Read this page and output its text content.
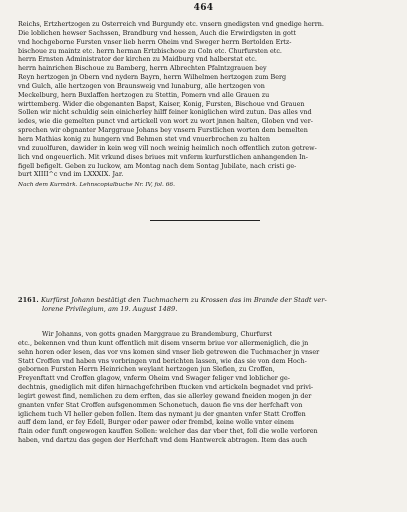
464
Reichs, Ertzhertzogen zu Osterreich vnd Burgundy etc. vnsern gnedigsten vnd gnedige herrn.
Die loblichen hewser Sachssen, Brandburg vnd hessen, Auch die Erwirdigsten in gott
vnd hochgeborne Fursten vnser lieb herrn Oheim vnd Sweger herrn Bertolden Ertz-
bischoue zu maintz etc. herrn herman Ertzbischoue zu Coln etc. Churfursten etc.
herrn Ernsten Administrator der kirchen zu Maidburg vnd halberstat etc.
herrn hainrichen Bischoue zu Bamberg, herrn Albrechten Pfalntzgrauen bey
Reyn hertzogen jn Obern vnd nydern Bayrn, herrn Wilhelmen hertzogen zum Berg
vnd Gulch, alle hertzogen von Braunsweig vnd lunaburg, alle hertzogen von
Meckelburg, hern Buxlaffen hertzogen zu Stettin, Pomern vnd alle Grauen zu
wirttemberg. Wider die obgenanten Bapst, Kaiser, Konig, Fursten, Bischoue vnd Grauen
Sollen wir nicht schuldig sein einicherley hilff feiner koniglichen wird zutun. Das alles vnd
iedes, wie die gemelten punct vnd artickell von wort zu wort jnnen halten, Globen vnd ver-
sprechen wir obgnanter Marggraue Johans bey vnsern Furstlichen worten dem bemelten
hern Mathias konig zu hungern vnd Behmen stet vnd vnuerbrochen zu halten
vnd zuuolfuren, dawider in kein weg vill noch weinig heimlich noch offentlich zuton getrew-
lich vnd ongeuerlich. Mit vrkund dises briues mit vnferm kurfurstlichen anhangenden In-
figell befigelt. Geben zu luckow, am Montag nach dem Sontag Jubilate, nach cristi ge-
burt XIIII^c vnd im LXXXIX. Jar.
Nach dem Kurmärk. Lehnscopialbuche Nr. IV, fol. 66.
2161. Kurfürst Johann bestätigt den Tuchmachern zu Krossen das im Brande der Stadt ver-
lorene Privilegium, am 19. August 1489.
Wir Johanns, von gotts gnaden Marggraue zu Brandemburg, Churfurst
etc., bekennen vnd thun kunt offentlich mit disem vnserm briue vor allermeniglich, die jn
sehn horen oder lesen, das vor vns komen sind vnser lieb getrewen die Tuchmacher jn vnser
Statt Croffen vnd haben vns vorbringen vnd berichten lassen, wie das sie von dem Hoch-
gebornen Fursten Herrn Heinrichen weylant hertzogen jun Slefien, zu Croffen,
Freyenftatt vnd Croffen glagow, vnferm Oheim vnd Swager feliger vnd loblicher ge-
dechtnis, gnediglich mit difen hirnachgefchriben ftucken vnd artickeln begnadet vnd privi-
legirt gewest find, nemlichen zu dem erften, das sie allerley gewand fneiden mogen jn der
gnanten vnfer Stat Croffen aufsgenommen Schonetuch, dauon fie vns der herfchaft von
iglichem tuch VI heller geben follen. Item das nymant ju der gnanten vnfer Statt Croffen
auff dem land, er fey Edell, Burger oder pawer oder frembd, keine wolle vnter einem
ftain oder funft ongewogen kauffen Sollen: welcher das dar vber thet, foll die wolle verloren
haben, vnd dartzu das gegen der Herfchaft vnd dem Hantwerck abtragen. Item das auch
